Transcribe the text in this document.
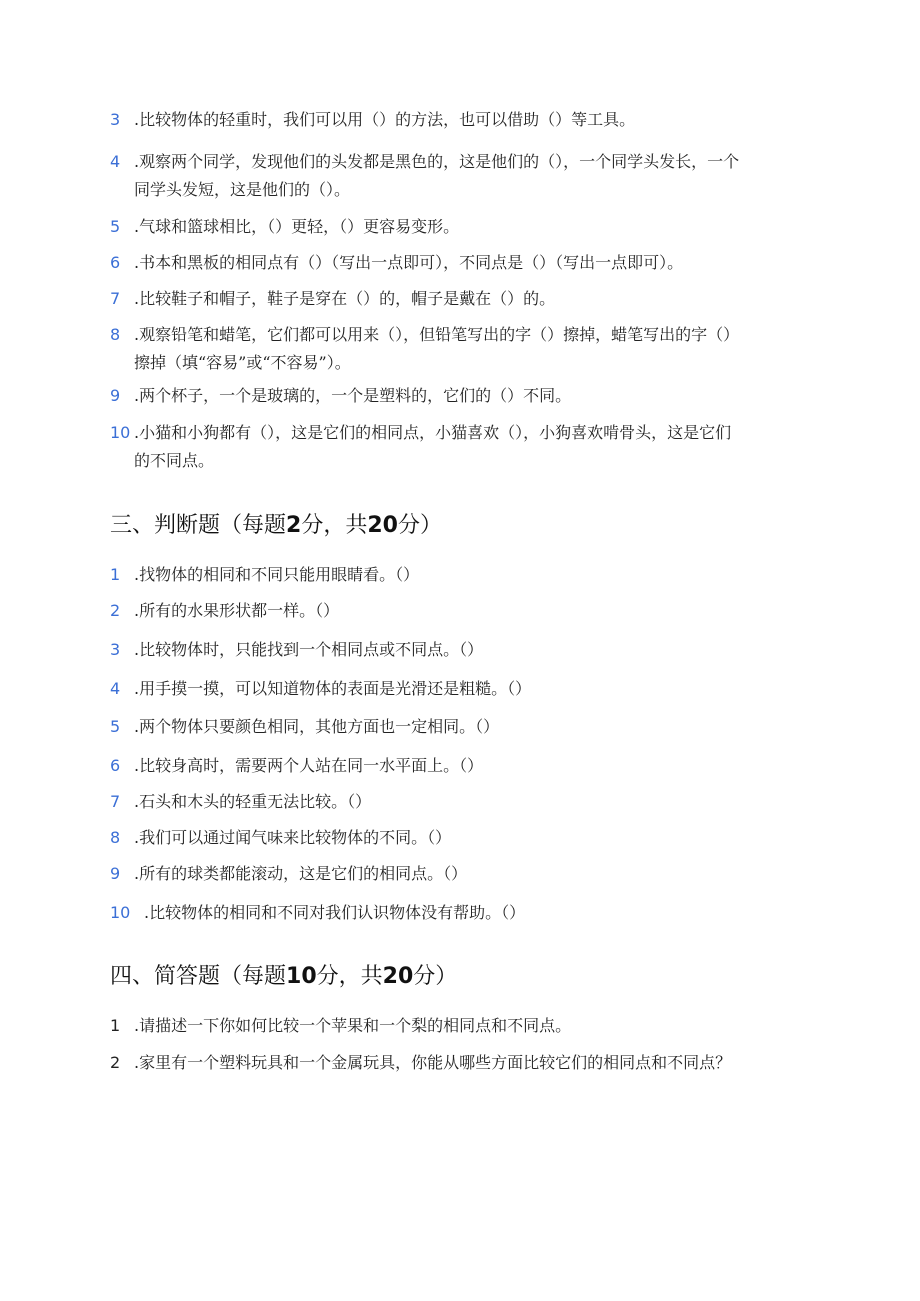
3 .比较物体的轻重时，我们可以用（）的方法，也可以借助（）等工具。
4 .观察两个同学，发现他们的头发都是黑色的，这是他们的（），一个同学头发长，一个
同学头发短，这是他们的（）。
5 .气球和篮球相比，（）更轻，（）更容易变形。
6 .书本和黑板的相同点有（）（写出一点即可），不同点是（）（写出一点即可）。
7 .比较鞋子和帽子，鞋子是穿在（）的，帽子是戴在（）的。
8 .观察铅笔和蜡笔，它们都可以用来（），但铅笔写出的字（）擦掉，蜡笔写出的字（）
擦掉（填“容易”或“不容易”）。
9 .两个杯子，一个是玻璃的，一个是塑料的，它们的（）不同。
10 .小猫和小狗都有（），这是它们的相同点，小猫喜欢（），小狗喜欢啃骨头，这是它们
的不同点。
三、判断题（每题2分，共20分）
1 .找物体的相同和不同只能用眼睛看。（）
2 .所有的水果形状都一样。（）
3 .比较物体时，只能找到一个相同点或不同点。（）
4 .用手摸一摸，可以知道物体的表面是光滑还是粗糙。（）
5 .两个物体只要颜色相同，其他方面也一定相同。（）
6 .比较身高时，需要两个人站在同一水平面上。（）
7 .石头和木头的轻重无法比较。（）
8 .我们可以通过闻气味来比较物体的不同。（）
9 .所有的球类都能滚动，这是它们的相同点。（）
10 .比较物体的相同和不同对我们认识物体没有帮助。（）
四、简答题（每题10分，共20分）
1 .请描述一下你如何比较一个苹果和一个梨的相同点和不同点。
2 .家里有一个塑料玩具和一个金属玩具，你能从哪些方面比较它们的相同点和不同点？
